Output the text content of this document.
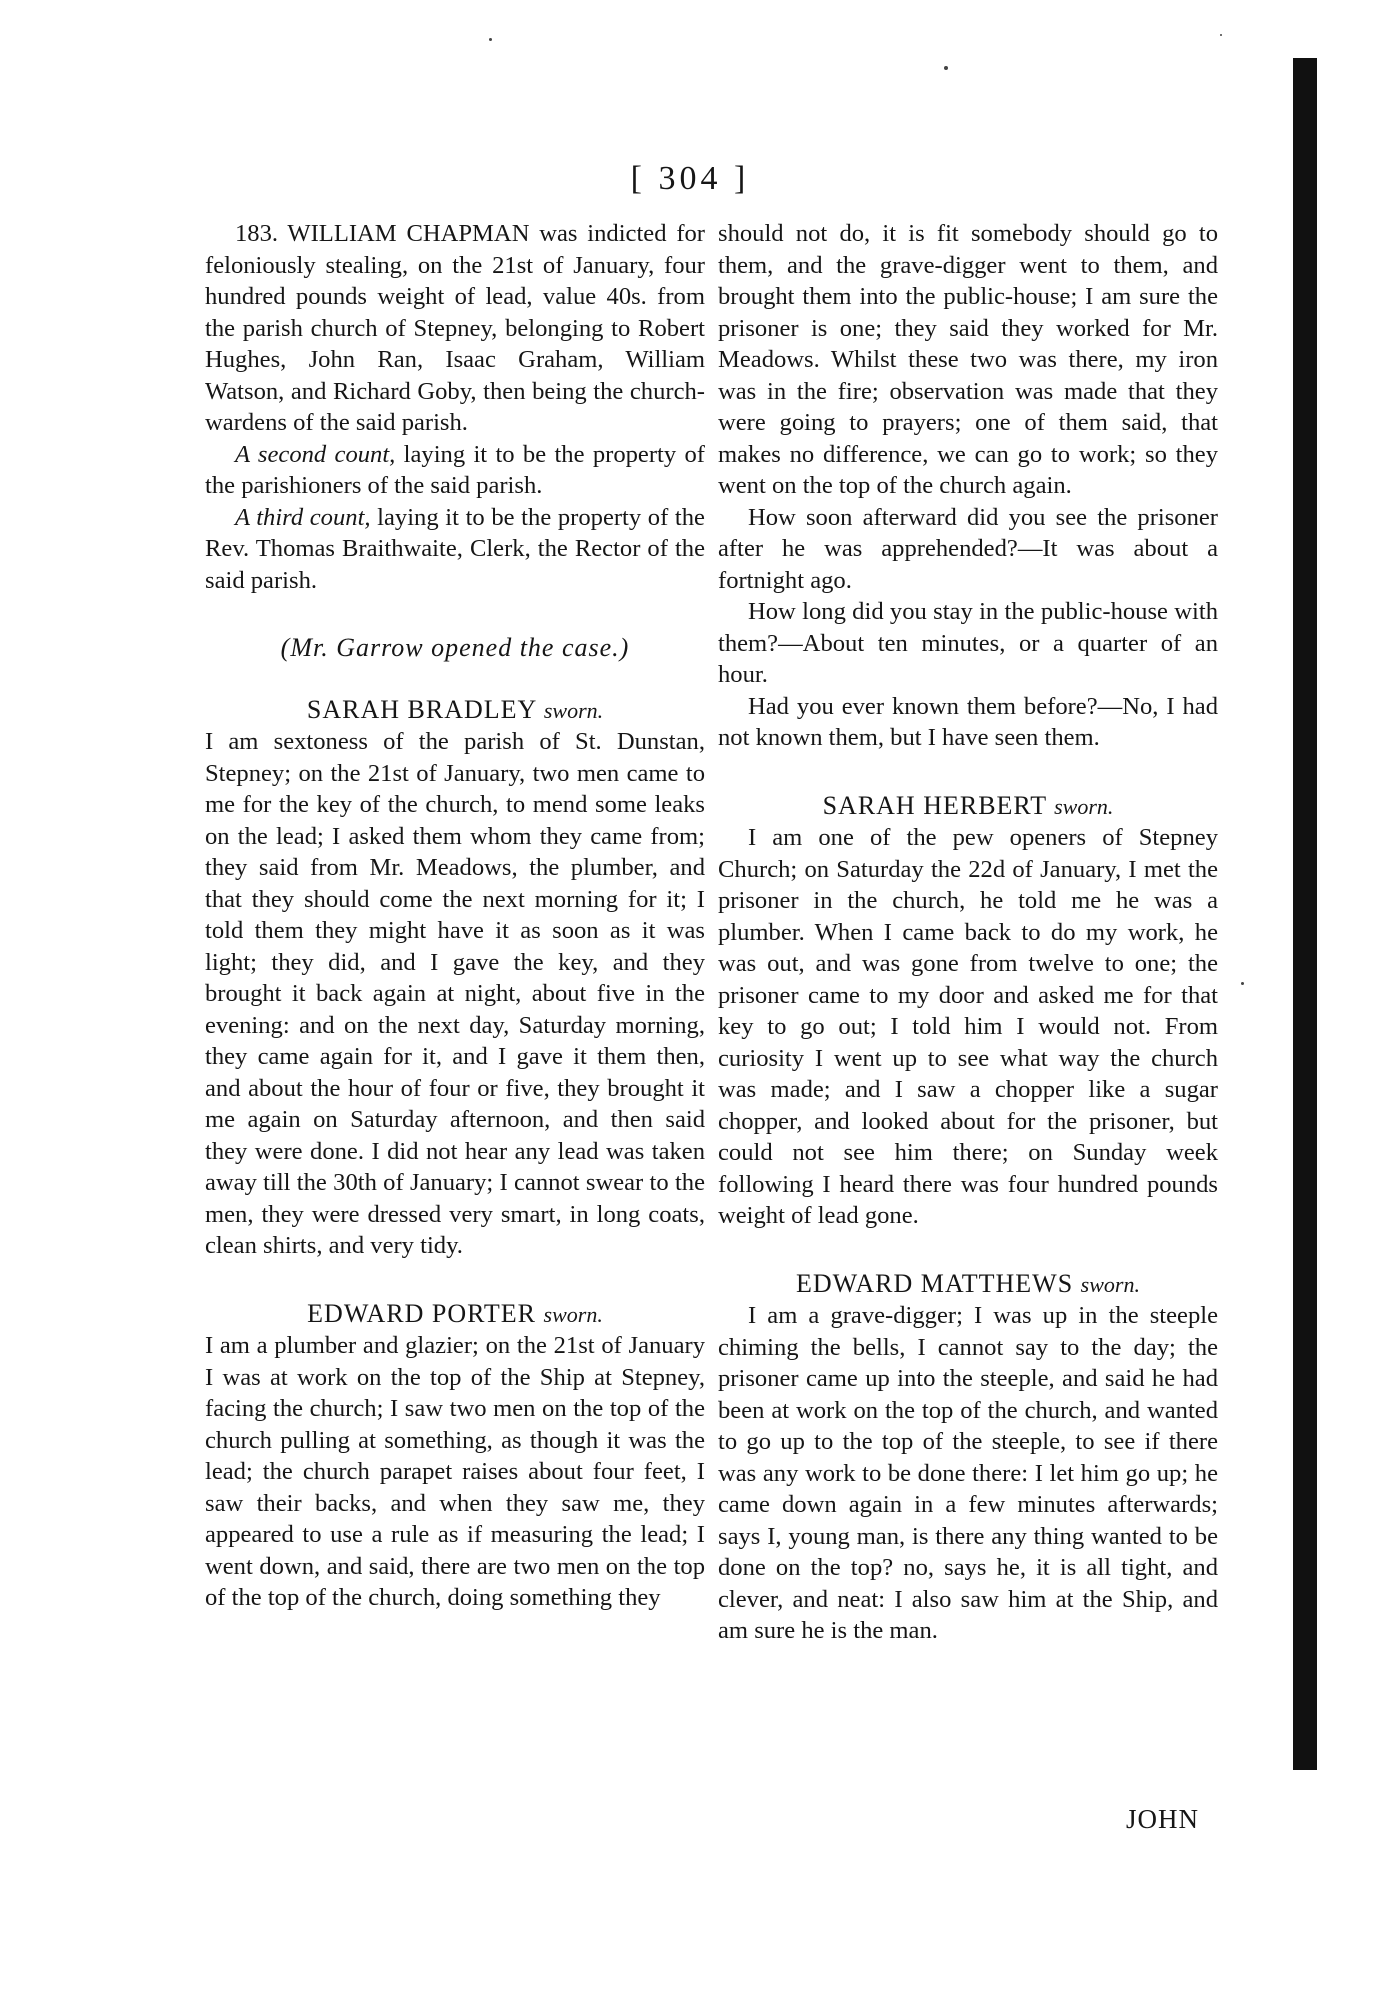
[ 304 ]

183. WILLIAM CHAPMAN was indicted for feloniously stealing, on the 21st of January, four hundred pounds weight of lead, value 40s. from the parish church of Stepney, belonging to Robert Hughes, John Ran, Isaac Graham, William Watson, and Richard Goby, then being the church-wardens of the said parish.

A second count, laying it to be the property of the parishioners of the said parish.

A third count, laying it to be the property of the Rev. Thomas Braithwaite, Clerk, the Rector of the said parish.

(Mr. Garrow opened the case.)

SARAH BRADLEY sworn.

I am sextoness of the parish of St. Dunstan, Stepney; on the 21st of January, two men came to me for the key of the church, to mend some leaks on the lead; I asked them whom they came from; they said from Mr. Meadows, the plumber, and that they should come the next morning for it; I told them they might have it as soon as it was light; they did, and I gave the key, and they brought it back again at night, about five in the evening: and on the next day, Saturday morning, they came again for it, and I gave it them then, and about the hour of four or five, they brought it me again on Saturday afternoon, and then said they were done. I did not hear any lead was taken away till the 30th of January; I cannot swear to the men, they were dressed very smart, in long coats, clean shirts, and very tidy.

EDWARD PORTER sworn.

I am a plumber and glazier; on the 21st of January I was at work on the top of the Ship at Stepney, facing the church; I saw two men on the top of the church pulling at something, as though it was the lead; the church parapet raises about four feet, I saw their backs, and when they saw me, they appeared to use a rule as if measuring the lead; I went down, and said, there are two men on the top of the top of the church, doing something they

should not do, it is fit somebody should go to them, and the grave-digger went to them, and brought them into the public-house; I am sure the prisoner is one; they said they worked for Mr. Meadows. Whilst these two was there, my iron was in the fire; observation was made that they were going to prayers; one of them said, that makes no difference, we can go to work; so they went on the top of the church again.

How soon afterward did you see the prisoner after he was apprehended?—It was about a fortnight ago.

How long did you stay in the public-house with them?—About ten minutes, or a quarter of an hour.

Had you ever known them before?—No, I had not known them, but I have seen them.

SARAH HERBERT sworn.

I am one of the pew openers of Stepney Church; on Saturday the 22d of January, I met the prisoner in the church, he told me he was a plumber. When I came back to do my work, he was out, and was gone from twelve to one; the prisoner came to my door and asked me for that key to go out; I told him I would not. From curiosity I went up to see what way the church was made; and I saw a chopper like a sugar chopper, and looked about for the prisoner, but could not see him there; on Sunday week following I heard there was four hundred pounds weight of lead gone.

EDWARD MATTHEWS sworn.

I am a grave-digger; I was up in the steeple chiming the bells, I cannot say to the day; the prisoner came up into the steeple, and said he had been at work on the top of the church, and wanted to go up to the top of the steeple, to see if there was any work to be done there: I let him go up; he came down again in a few minutes afterwards; says I, young man, is there any thing wanted to be done on the top? no, says he, it is all tight, and clever, and neat: I also saw him at the Ship, and am sure he is the man.

JOHN
